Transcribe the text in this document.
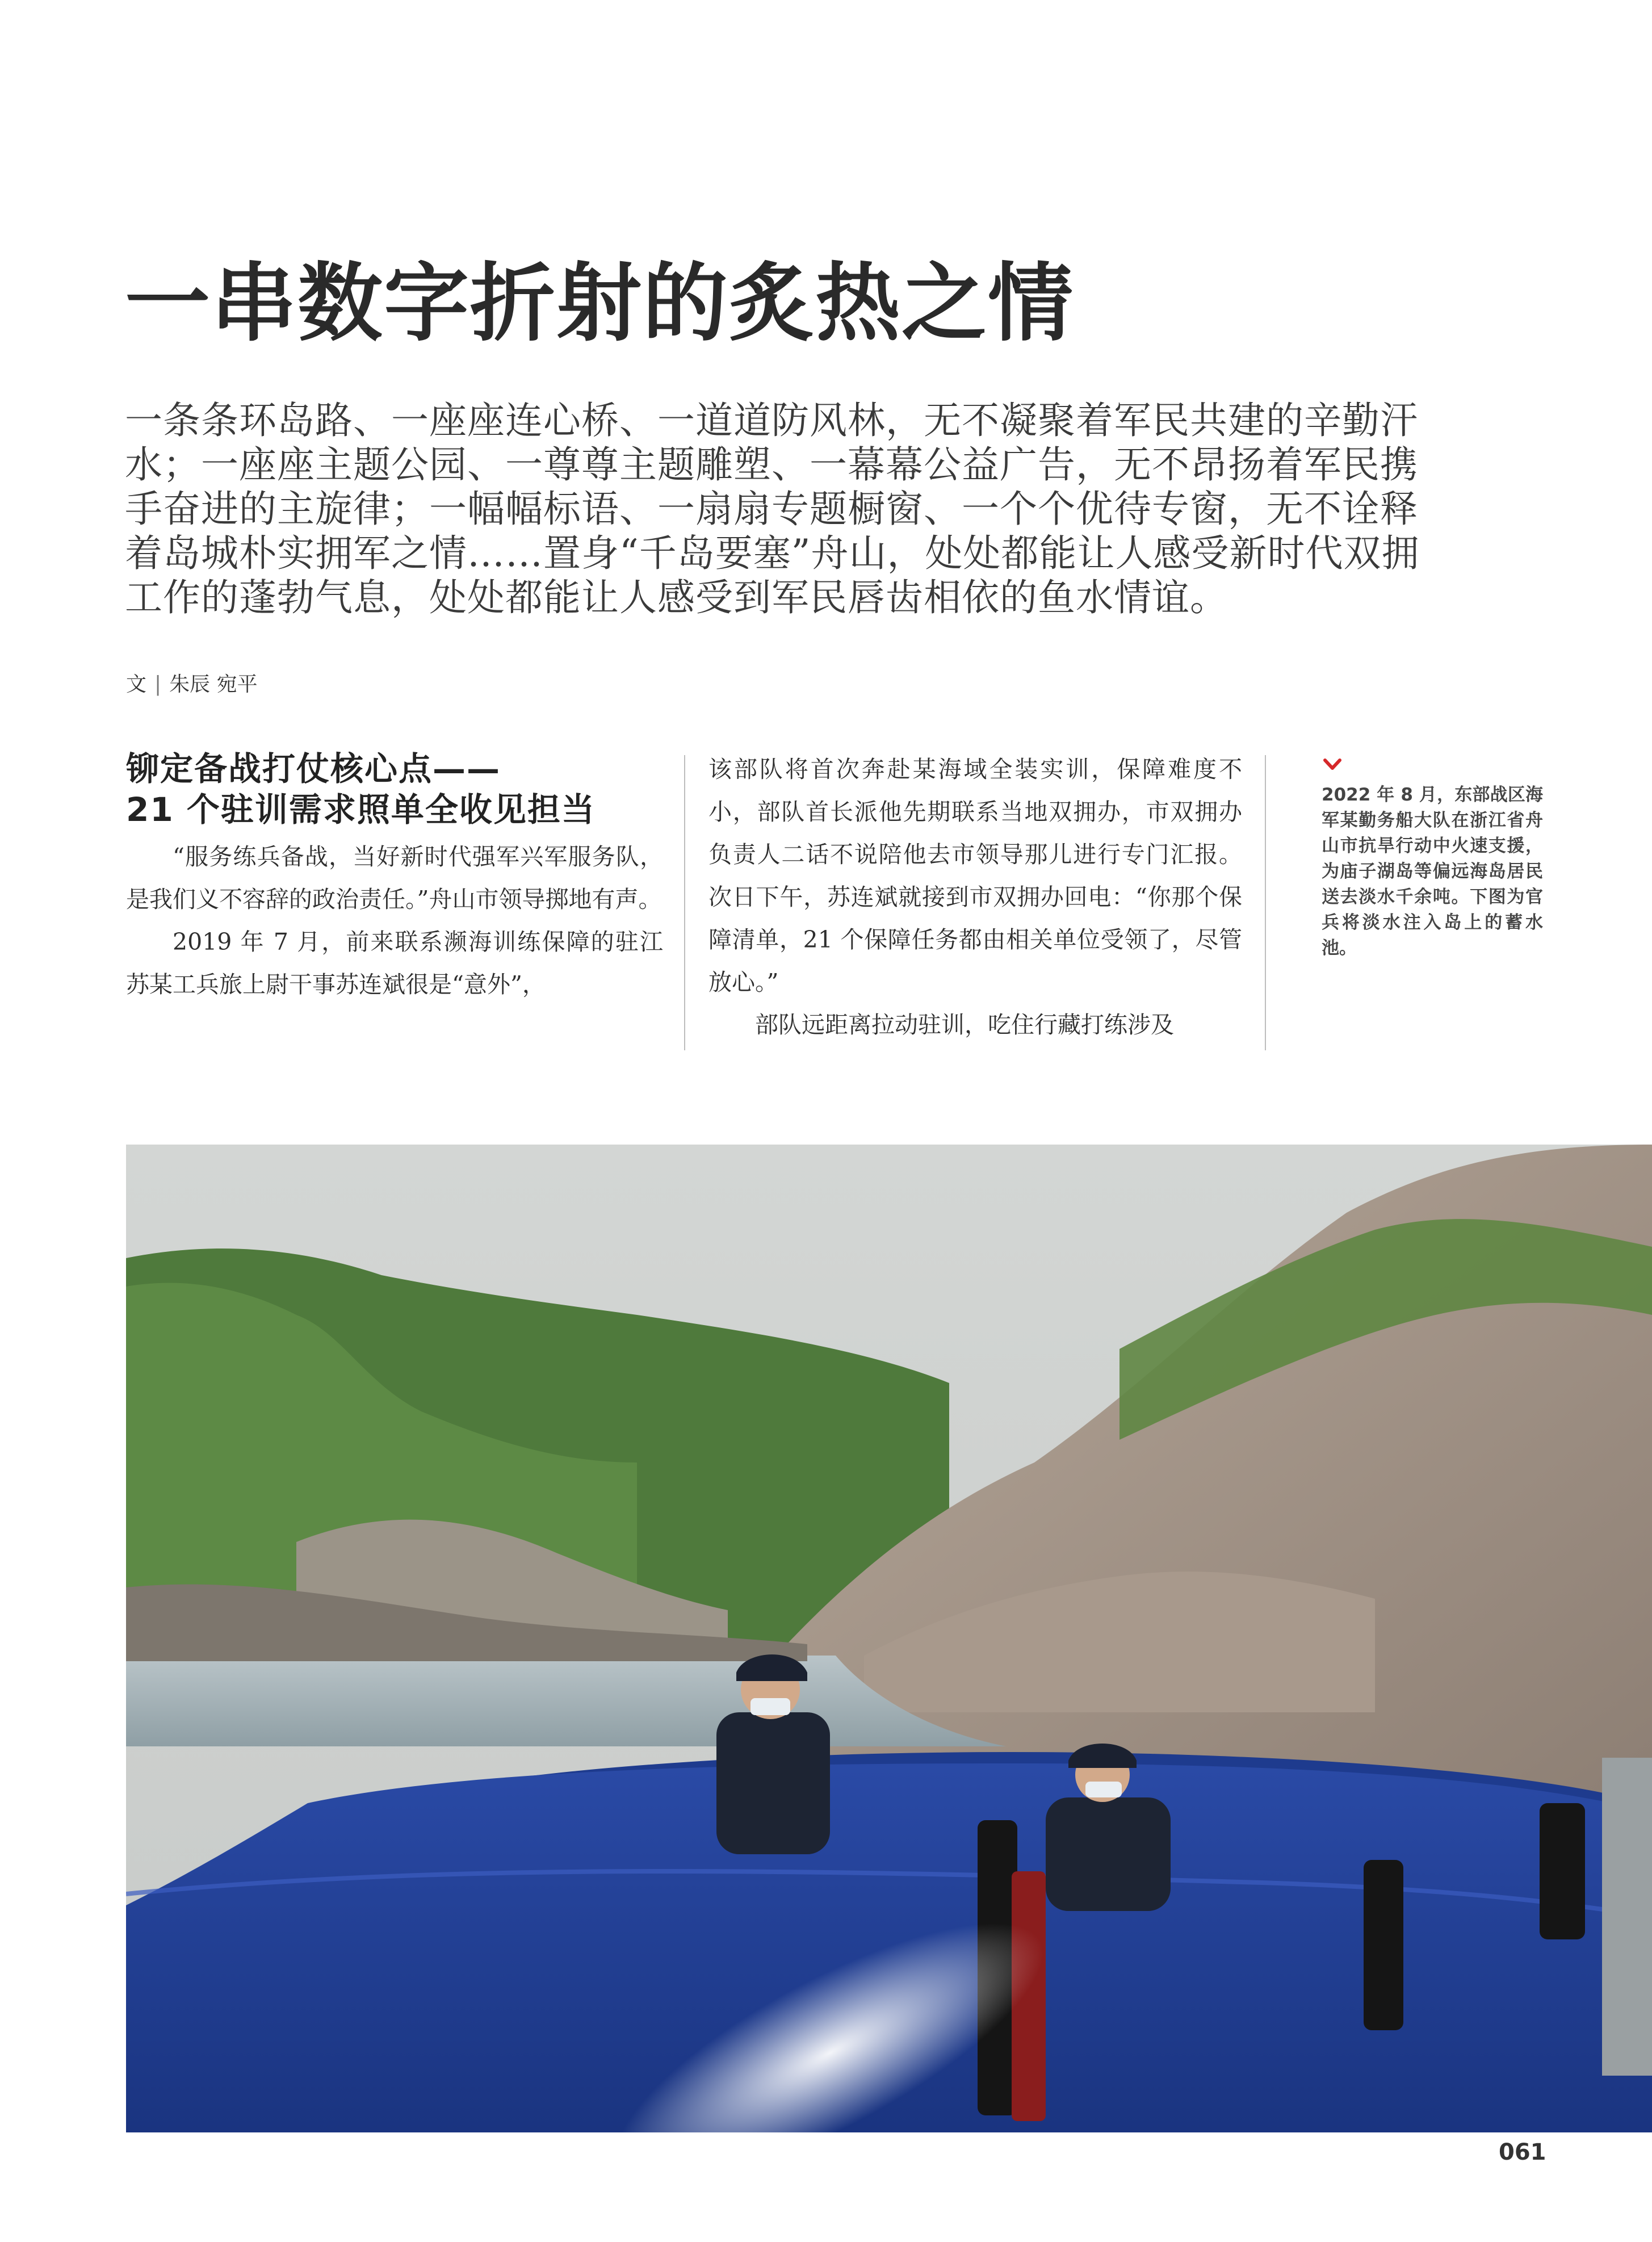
一串数字折射的炙热之情

一条条环岛路、一座座连心桥、一道道防风林，无不凝聚着军民共建的辛勤汗水；一座座主题公园、一尊尊主题雕塑、一幕幕公益广告，无不昂扬着军民携手奋进的主旋律；一幅幅标语、一扇扇专题橱窗、一个个优待专窗，无不诠释着岛城朴实拥军之情……置身“千岛要塞”舟山，处处都能让人感受新时代双拥工作的蓬勃气息，处处都能让人感受到军民唇齿相依的鱼水情谊。

文 | 朱辰 宛平
铆定备战打仗核心点——
21 个驻训需求照单全收见担当

“服务练兵备战，当好新时代强军兴军服务队，是我们义不容辞的政治责任。”舟山市领导掷地有声。

2019 年 7 月，前来联系濒海训练保障的驻江苏某工兵旅上尉干事苏连斌很是“意外”，

该部队将首次奔赴某海域全装实训，保障难度不小，部队首长派他先期联系当地双拥办，市双拥办负责人二话不说陪他去市领导那儿进行专门汇报。次日下午，苏连斌就接到市双拥办回电：“你那个保障清单，21 个保障任务都由相关单位受领了，尽管放心。”

部队远距离拉动驻训，吃住行藏打练涉及

2022 年 8 月，东部战区海军某勤务船大队在浙江省舟山市抗旱行动中火速支援，为庙子湖岛等偏远海岛居民送去淡水千余吨。下图为官兵将淡水注入岛上的蓄水池。
061
